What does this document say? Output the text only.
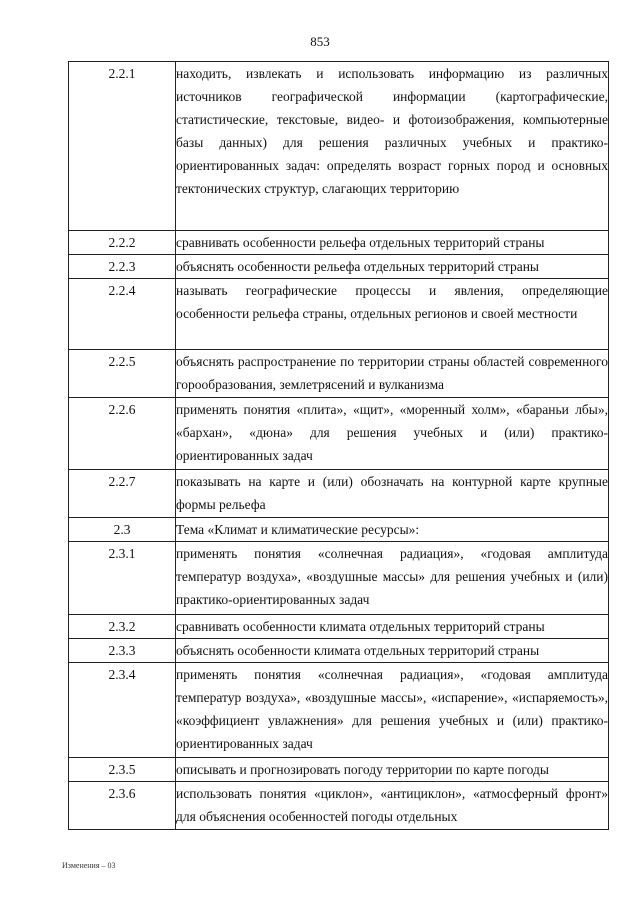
853
2.2.1	находить, извлекать и использовать информацию из различных источников географической информации (картографические, статистические, текстовые, видео- и фотоизображения, компьютерные базы данных) для решения различных учебных и практико-ориентированных задач: определять возраст горных пород и основных тектонических структур, слагающих территорию

2.2.2	сравнивать особенности рельефа отдельных территорий страны

2.2.3	объяснять особенности рельефа отдельных территорий страны

2.2.4	называть географические процессы и явления, определяющие особенности рельефа страны, отдельных регионов и своей местности

2.2.5	объяснять распространение по территории страны областей современного горообразования, землетрясений и вулканизма

2.2.6	применять понятия «плита», «щит», «моренный холм», «бараньи лбы», «бархан», «дюна» для решения учебных и (или) практико-ориентированных задач

2.2.7	показывать на карте и (или) обозначать на контурной карте крупные формы рельефа

2.3	Тема «Климат и климатические ресурсы»:

2.3.1	применять понятия «солнечная радиация», «годовая амплитуда температур воздуха», «воздушные массы» для решения учебных и (или) практико-ориентированных задач

2.3.2	сравнивать особенности климата отдельных территорий страны

2.3.3	объяснять особенности климата отдельных территорий страны

2.3.4	применять понятия «солнечная радиация», «годовая амплитуда температур воздуха», «воздушные массы», «испарение», «испаряемость», «коэффициент увлажнения» для решения учебных и (или) практико-ориентированных задач

2.3.5	описывать и прогнозировать погоду территории по карте погоды

2.3.6	использовать понятия «циклон», «антициклон», «атмосферный фронт» для объяснения особенностей погоды отдельных
Изменения – 03
